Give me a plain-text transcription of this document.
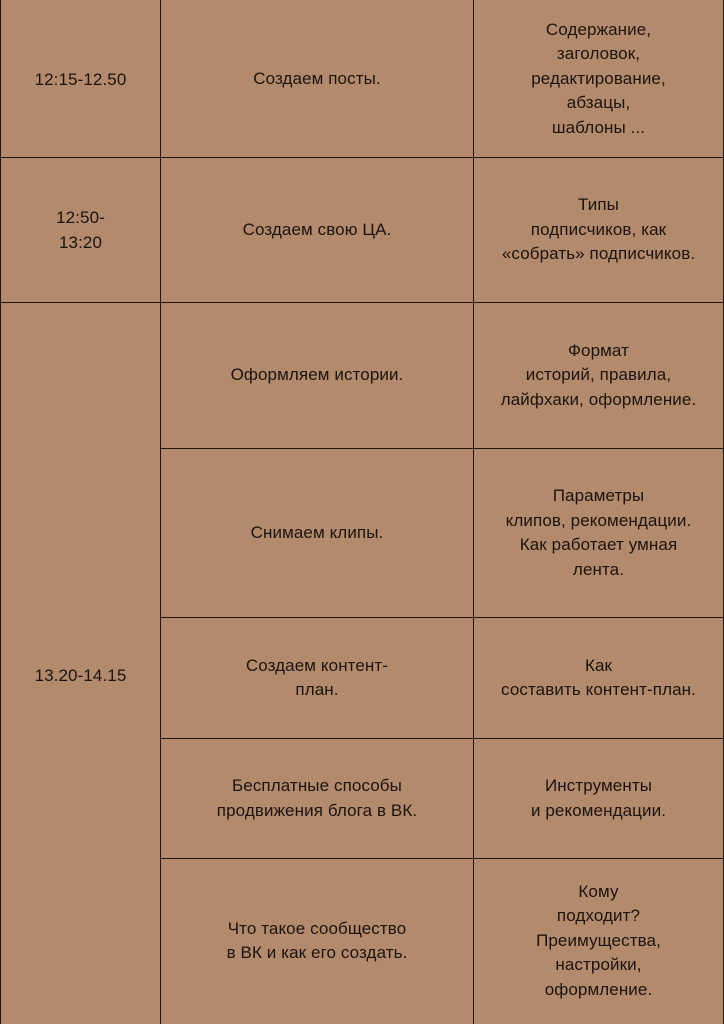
12:15-12.50	Создаем посты.
Содержание,
заголовок,
редактирование,
абзацы,
шаблоны ...
12:50-
13:20
Создаем свою ЦА.
Типы
подписчиков, как
«собрать» подписчиков.
13.20-14.15
Оформляем истории.
Формат
историй, правила,
лайфхаки, оформление.
Снимаем клипы.
Параметры
клипов, рекомендации.
Как работает умная
лента.
Создаем контент-
план.
Как
составить контент-план.
Бесплатные способы
продвижения блога в ВК.
Инструменты
и рекомендации.
Что такое сообщество
в ВК и как его создать.
Кому
подходит?
Преимущества,
настройки,
оформление.
